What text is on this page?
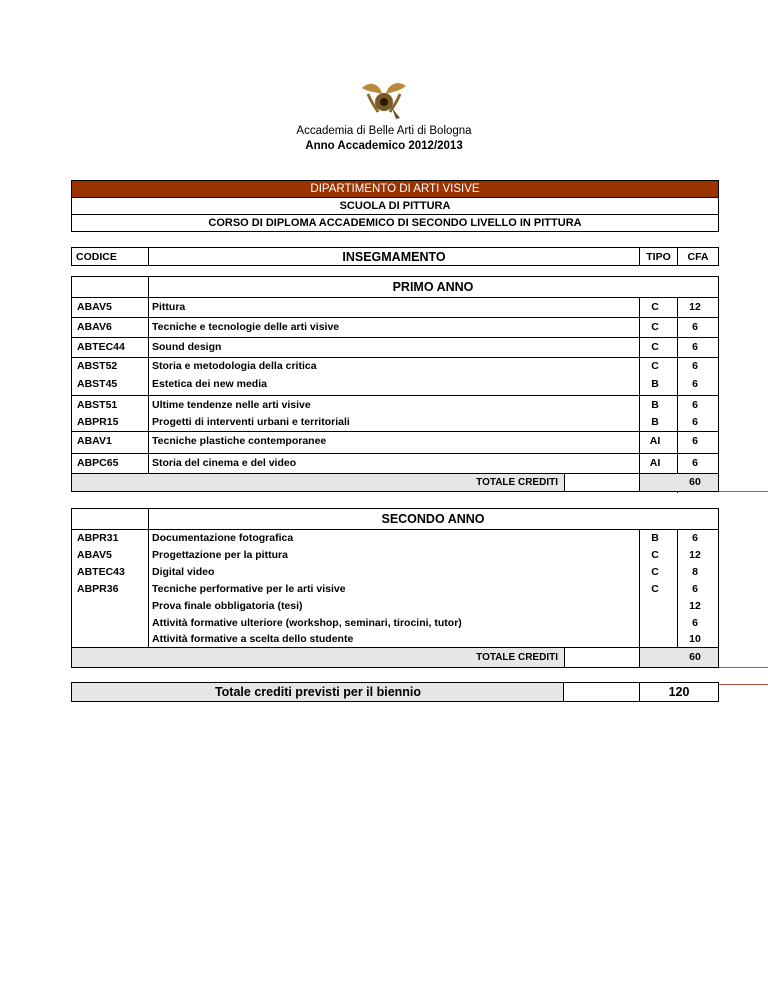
Accademia di Belle Arti di Bologna
Anno Accademico 2012/2013
DIPARTIMENTO DI ARTI VISIVE
SCUOLA DI PITTURA
CORSO DI DIPLOMA ACCADEMICO DI SECONDO LIVELLO IN PITTURA
CODICE	INSEGMAMENTO	TIPO	CFA
PRIMO ANNO
ABAV5	Pittura	C	12
ABAV6	Tecniche e tecnologie delle arti visive	C	6
ABTEC44	Sound design	C	6
ABST52	Storia e metodologia della critica	C	6
ABST45	Estetica dei new media	B	6
ABST51	Ultime tendenze nelle arti visive	B	6
ABPR15	Progetti di interventi urbani e territoriali	B	6
ABAV1	Tecniche plastiche contemporanee	AI	6
ABPC65	Storia del cinema e del video	AI	6
TOTALE CREDITI	60
SECONDO ANNO
ABPR31	Documentazione fotografica	B	6
ABAV5	Progettazione per la pittura	C	12
ABTEC43	Digital video	C	8
ABPR36	Tecniche performative per le arti visive	C	6
Prova finale obbligatoria (tesi)	12
Attività formative ulteriore (workshop, seminari, tirocini, tutor)	6
Attività formative a scelta dello studente	10
TOTALE CREDITI	60
Totale crediti previsti per il biennio	120
